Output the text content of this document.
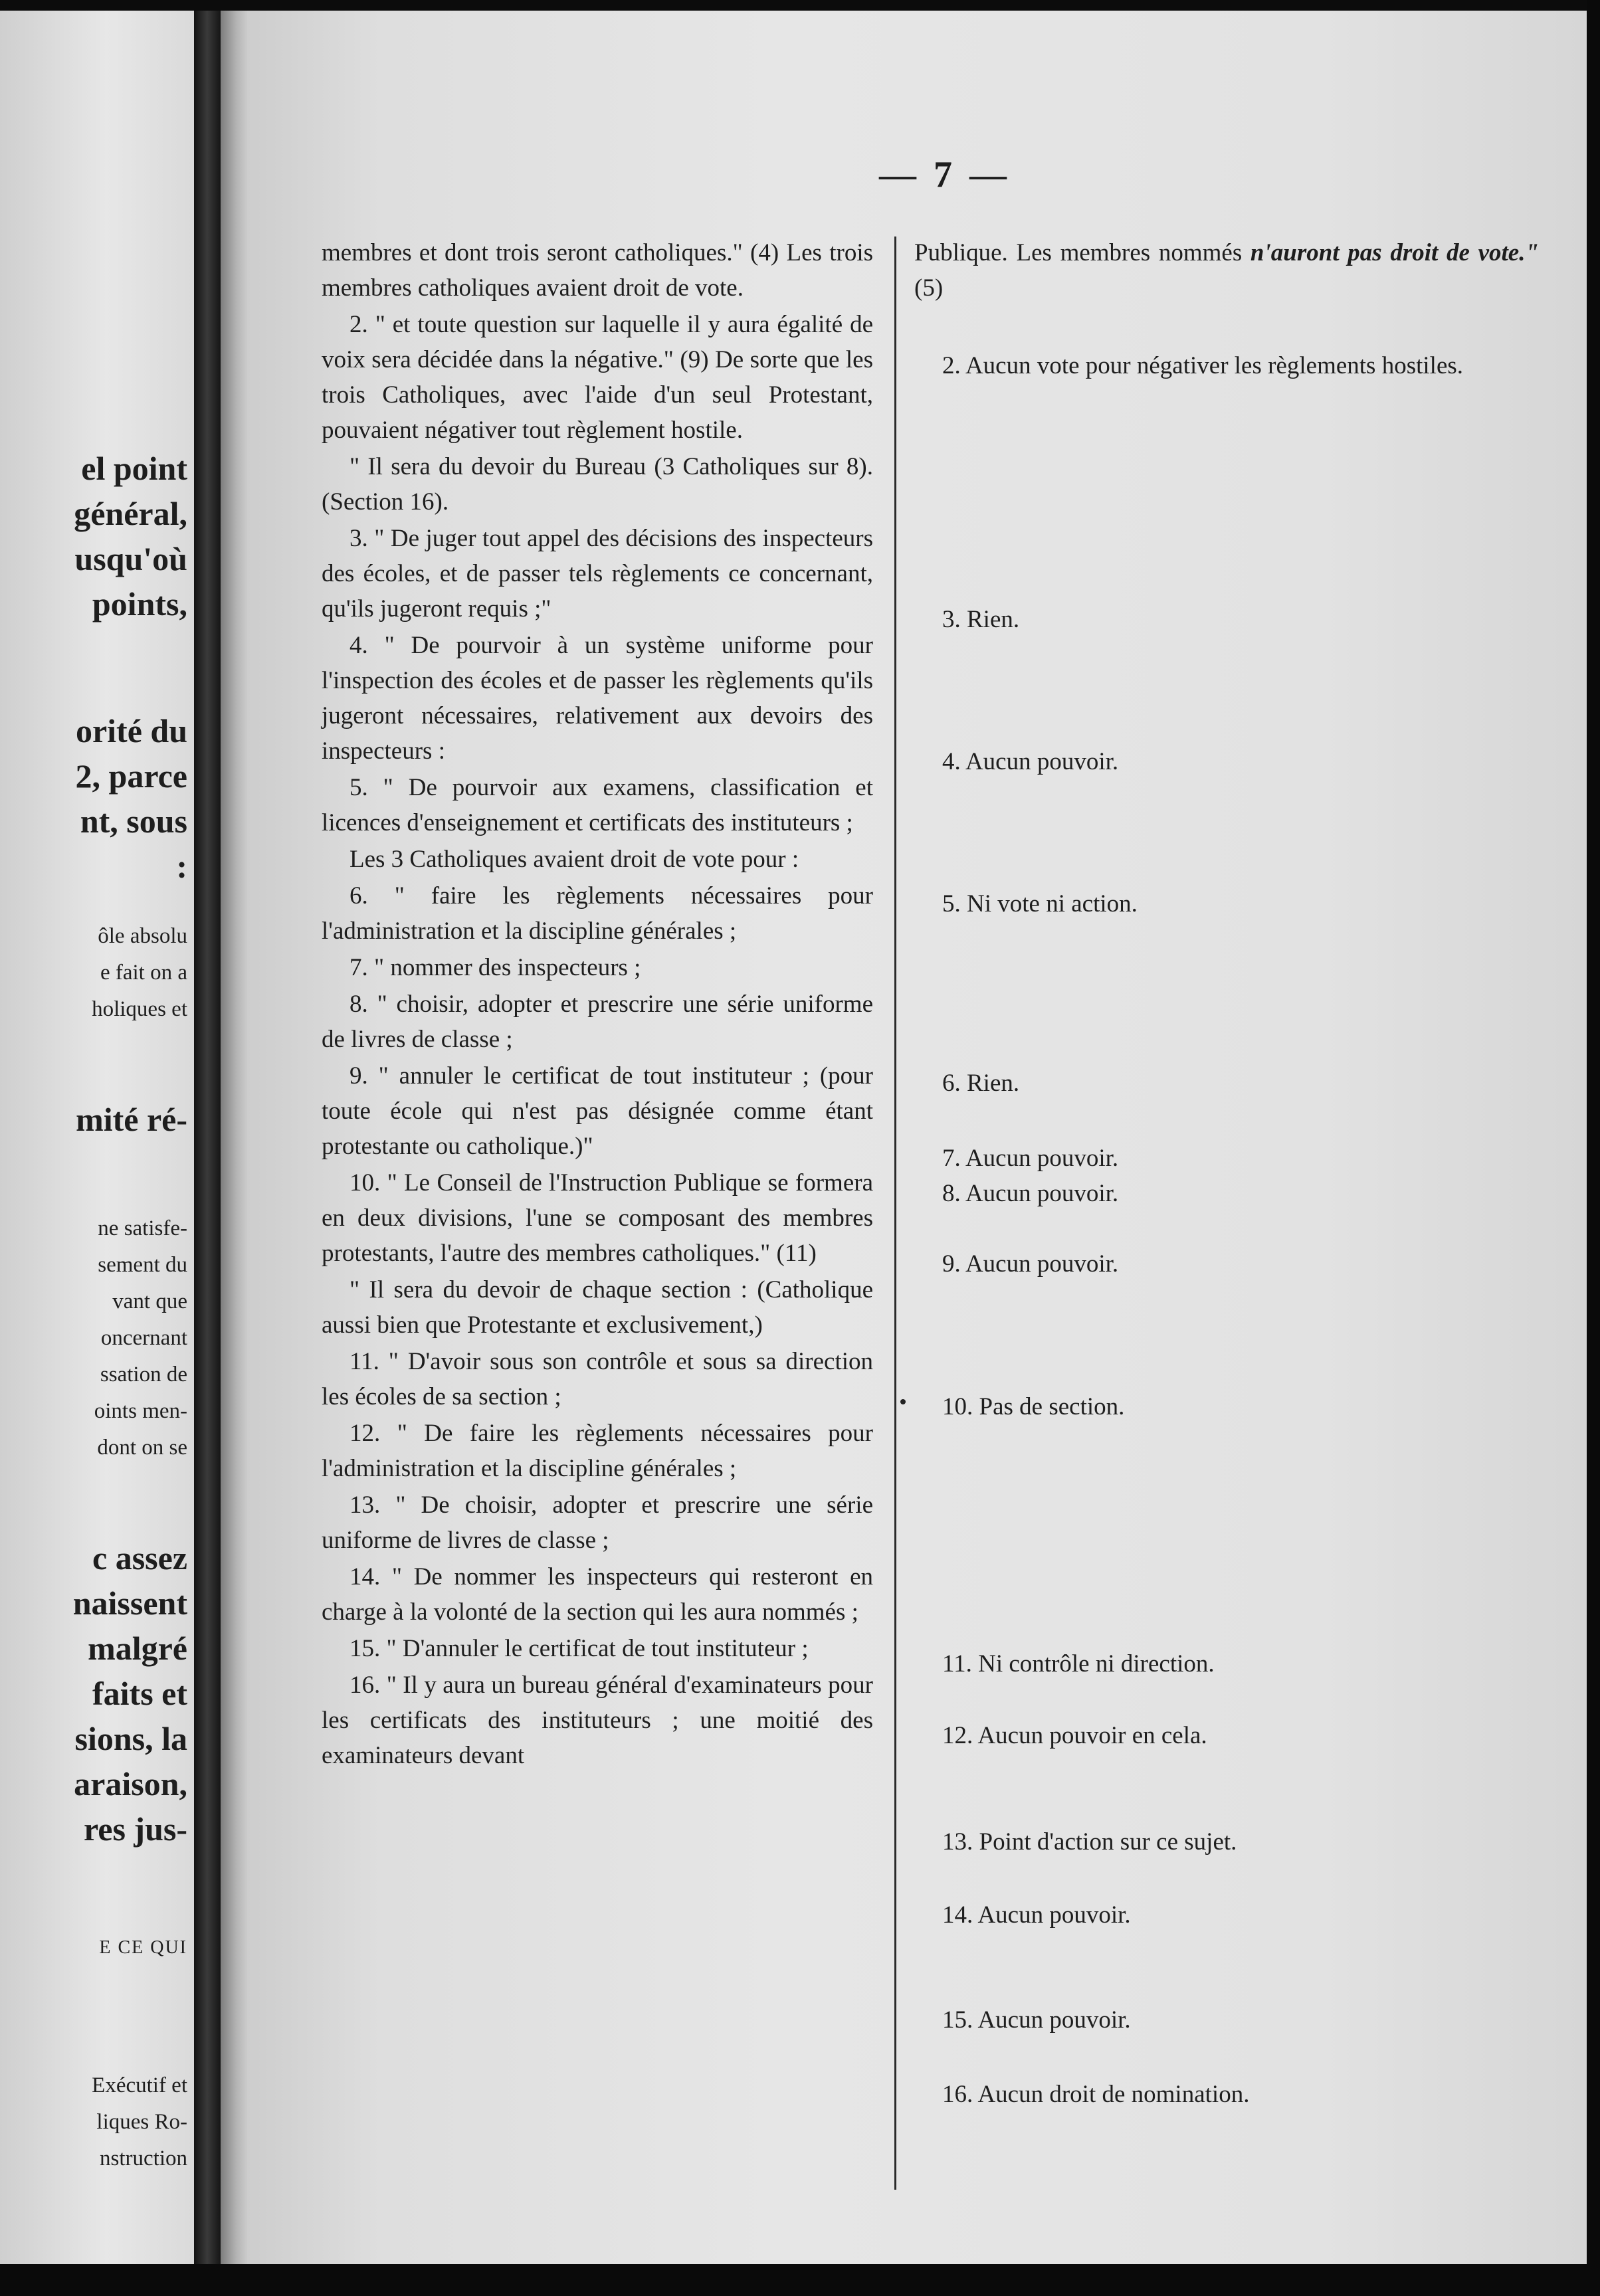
el point
général,
usqu'où
points,
orité du
2, parce
nt, sous
:
ôle absolu
e fait on a
holiques et
mité ré-
ne satisfe-
sement du
vant que
oncernant
ssation de
oints men-
dont on se
c assez
naissent
malgré
faits et
sions, la
araison,
res jus-
E CE QUI
Exécutif et
liques Ro-
nstruction
— 7 —

membres et dont trois seront catholiques." (4) Les trois membres catholiques avaient droit de vote.

2. " et toute question sur laquelle il y aura égalité de voix sera décidée dans la négative." (9) De sorte que les trois Catholiques, avec l'aide d'un seul Protestant, pouvaient négativer tout règlement hostile.

" Il sera du devoir du Bureau (3 Catholiques sur 8). (Section 16).

3. " De juger tout appel des décisions des inspecteurs des écoles, et de passer tels règlements ce concernant, qu'ils jugeront requis ;"

4. " De pourvoir à un système uniforme pour l'inspection des écoles et de passer les règlements qu'ils jugeront nécessaires, relativement aux devoirs des inspecteurs :

5. " De pourvoir aux examens, classification et licences d'enseignement et certificats des instituteurs ;

Les 3 Catholiques avaient droit de vote pour :

6. " faire les règlements nécessaires pour l'administration et la discipline générales ;

7. " nommer des inspecteurs ;

8. " choisir, adopter et prescrire une série uniforme de livres de classe ;

9. " annuler le certificat de tout instituteur ; (pour toute école qui n'est pas désignée comme étant protestante ou catholique.)"

10. " Le Conseil de l'Instruction Publique se formera en deux divisions, l'une se composant des membres protestants, l'autre des membres catholiques." (11)

" Il sera du devoir de chaque section : (Catholique aussi bien que Protestante et exclusivement,)

11. " D'avoir sous son contrôle et sous sa direction les écoles de sa section ;

12. " De faire les règlements nécessaires pour l'administration et la discipline générales ;

13. " De choisir, adopter et prescrire une série uniforme de livres de classe ;

14. " De nommer les inspecteurs qui resteront en charge à la volonté de la section qui les aura nommés ;

15. " D'annuler le certificat de tout instituteur ;

16. " Il y aura un bureau général d'examinateurs pour les certificats des instituteurs ; une moitié des examinateurs devant

Publique. Les membres nommés n'auront pas droit de vote." (5)

2. Aucun vote pour négativer les règlements hostiles.

3. Rien.

4. Aucun pouvoir.

5. Ni vote ni action.

6. Rien.

7. Aucun pouvoir.

8. Aucun pouvoir.

9. Aucun pouvoir.

10. Pas de section.

11. Ni contrôle ni direction.

12. Aucun pouvoir en cela.

13. Point d'action sur ce sujet.

14. Aucun pouvoir.

15. Aucun pouvoir.

16. Aucun droit de nomination.
